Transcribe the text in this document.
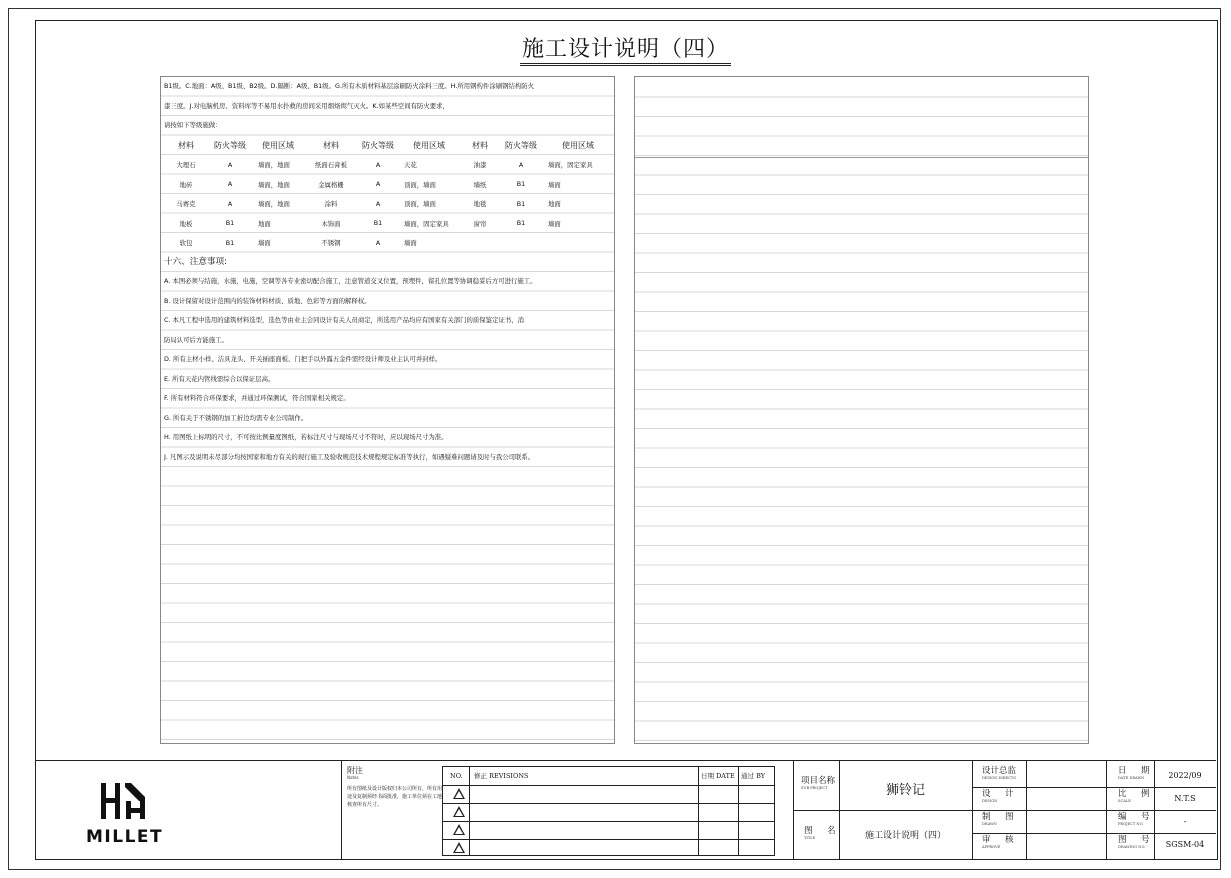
施工设计说明（四）
B1级。C.地面：A级、B1级、B2级。D.隔断：A级、B1级。G.所有木质材料基层涂刷防火涂料三度。H.所用钢构件涂刷钢结构防火
漆三度。J.对电脑机房、资料库等不易用水扑救的房间采用烟烙烬气灭火。K.如某些空间有防火要求，
请按如下等级施做：
材料	防火等级	使用区域	材料	防火等级	使用区域	材料	防火等级	使用区域
大理石	A	墙面，地面	纸面石膏板	A	天花	油漆	A	墙面，固定家具
地砖	A	墙面，地面	金属格栅	A	顶面，墙面	墙纸	B1	墙面
马赛克	A	墙面，地面	涂料	A	顶面，墙面	地毯	B1	地面
地板	B1	地面	木饰面	B1	墙面，固定家具	窗帘	B1	墙面
软包	B1	墙面	不锈钢	A	墙面			
十六、注意事项:
A. 本图必须与结施，水施，电施，空调等各专业密切配合施工，注意管道交叉位置，预埋件，留孔位置等协调稳妥后方可进行施工。
B. 设计保留对设计范围内的装饰材料材质、质地、色彩等方面的解释权。
C. 本凡工程中选用的建筑材料选型，选色等由业主会同设计有关人员商定，所选用产品均应有国家有关部门的质保鉴定证书，消
防局认可后方能施工。
D. 所有主材小样、洁具龙头、开关插座面板、门把手以外露五金件需经设计师及业主认可并封样。
E. 所有天花内管线需综合以保证层高。
F. 所有材料符合环保要求，并通过环保测试，符合国家相关规定。
G. 所有关于不锈钢的加工折边均需专业公司制作。
H. 用图纸上标明的尺寸，不可按比例量度图纸，若标注尺寸与现场尺寸不符时，应以现场尺寸为准。
J. 凡图示及说明未尽部分均按国家和地方有关的现行施工及验收规范技术规程规定标准等执行，如遇疑难问题请及时与我公司联系。
MILLET
附注
Notes
所有图纸及设计版权归本公司所有，所有用途及复制须经书面批准，施工单位须在工地核查所有尺寸。
NO. 修正 REVISIONS	日期 DATE 通过 BY	项目名称
SUB PROJECT	狮铃记
图　名
TITLE	施工设计说明（四）
设计总监
DESIGN DIRECTO
设　计
DESIGN
制　图
DRAWN
审　核
APPROVE
日　期
DATE DRAWN	2022/09
比　例
SCALE	N.T.S
编　号
PROJECT NO.	-
图　号
DRAWING NO.	SGSM-04
